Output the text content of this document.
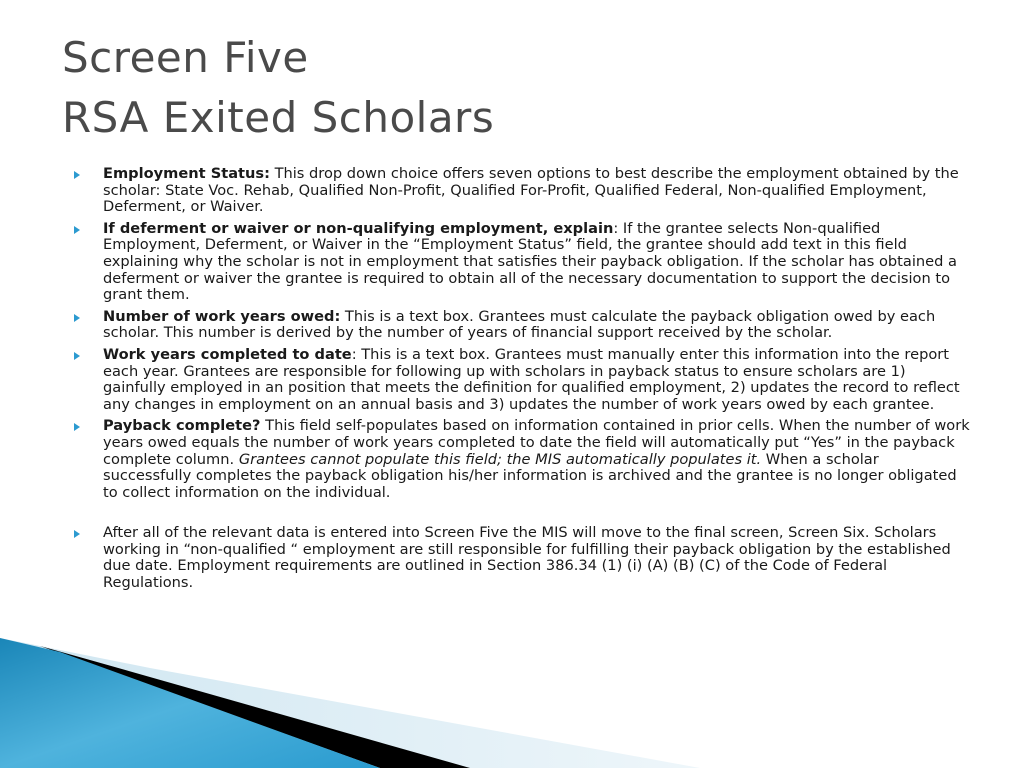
Screen Five
RSA Exited Scholars
Employment Status: This drop down choice offers seven options to best describe the employment obtained by the scholar: State Voc. Rehab, Qualified Non-Profit, Qualified For-Profit, Qualified Federal, Non-qualified Employment, Deferment, or Waiver.
If deferment or waiver or non-qualifying employment, explain: If the grantee selects Non-qualified Employment, Deferment, or Waiver in the “Employment Status” field, the grantee should add text in this field explaining why the scholar is not in employment that satisfies their payback obligation. If the scholar has obtained a deferment or waiver the grantee is required to obtain all of the necessary documentation to support the decision to grant them.
Number of work years owed: This is a text box. Grantees must calculate the payback obligation owed by each scholar. This number is derived by the number of years of financial support received by the scholar.
Work years completed to date: This is a text box. Grantees must manually enter this information into the report each year. Grantees are responsible for following up with scholars in payback status to ensure scholars are 1) gainfully employed in an position that meets the definition for qualified employment, 2) updates the record to reflect any changes in employment on an annual basis and 3) updates the number of work years owed by each grantee.
Payback complete? This field self-populates based on information contained in prior cells. When the number of work years owed equals the number of work years completed to date the field will automatically put “Yes” in the payback complete column. Grantees cannot populate this field; the MIS automatically populates it. When a scholar successfully completes the payback obligation his/her information is archived and the grantee is no longer obligated to collect information on the individual.
After all of the relevant data is entered into Screen Five the MIS will move to the final screen, Screen Six. Scholars working in “non-qualified “ employment are still responsible for fulfilling their payback obligation by the established due date. Employment requirements are outlined in Section 386.34 (1) (i) (A) (B) (C) of the Code of Federal Regulations.
